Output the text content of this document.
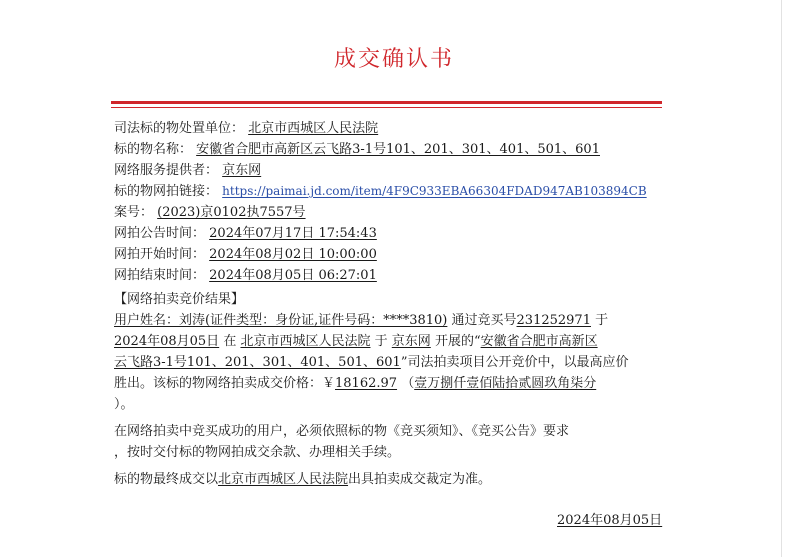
成交确认书
司法标的物处置单位： 北京市西城区人民法院
标的物名称： 安徽省合肥市高新区云飞路3-1号101、201、301、401、501、601
网络服务提供者： 京东网
标的物网拍链接： https://paimai.jd.com/item/4F9C933EBA66304FDAD947AB103894CB
案号： (2023)京0102执7557号
网拍公告时间： 2024年07月17日 17:54:43
网拍开始时间： 2024年08月02日 10:00:00
网拍结束时间： 2024年08月05日 06:27:01
【网络拍卖竞价结果】
用户姓名：刘涛(证件类型：身份证,证件号码：****3810) 通过竞买号231252971 于
2024年08月05日 在 北京市西城区人民法院 于 京东网 开展的“安徽省合肥市高新区
云飞路3-1号101、201、301、401、501、601”司法拍卖项目公开竞价中，以最高应价
胜出。该标的物网络拍卖成交价格：￥18162.97 （壹万捌仟壹佰陆拾贰圆玖角柒分
）。
在网络拍卖中竞买成功的用户，必须依照标的物《竞买须知》、《竞买公告》要求
，按时交付标的物网拍成交余款、办理相关手续。
标的物最终成交以北京市西城区人民法院出具拍卖成交裁定为准。
2024年08月05日
